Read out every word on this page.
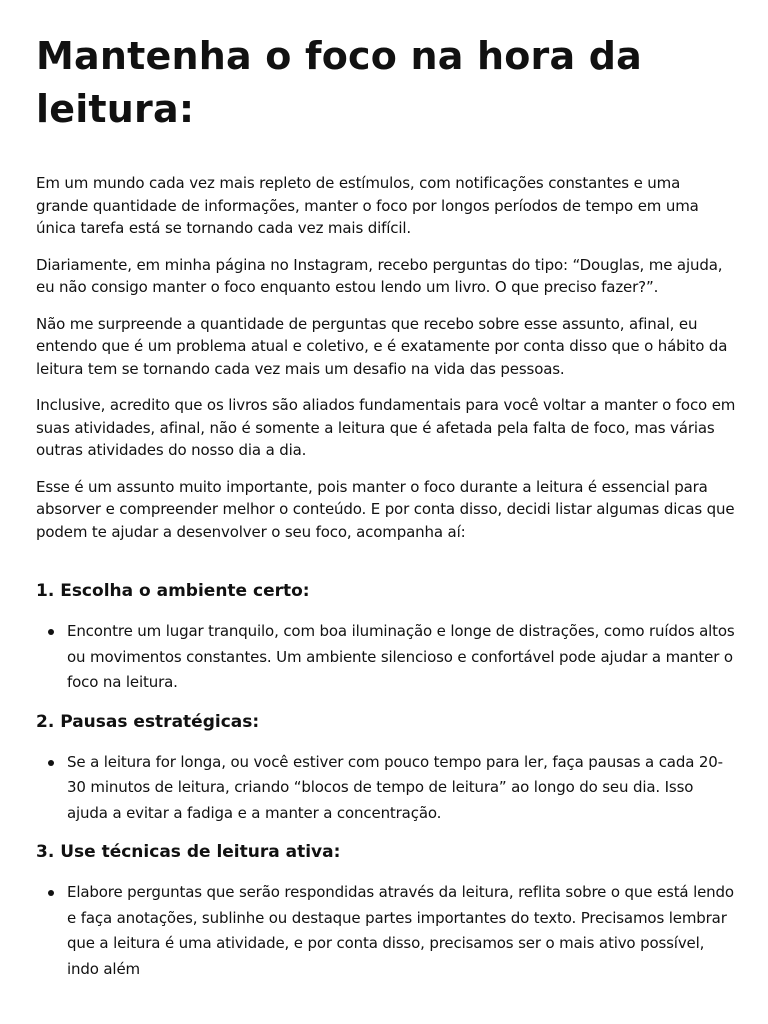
Mantenha o foco na hora da leitura:

Em um mundo cada vez mais repleto de estímulos, com notificações constantes e uma grande quantidade de informações, manter o foco por longos períodos de tempo em uma única tarefa está se tornando cada vez mais difícil.

Diariamente, em minha página no Instagram, recebo perguntas do tipo: “Douglas, me ajuda, eu não consigo manter o foco enquanto estou lendo um livro. O que preciso fazer?”.

Não me surpreende a quantidade de perguntas que recebo sobre esse assunto, afinal, eu entendo que é um problema atual e coletivo, e é exatamente por conta disso que o hábito da leitura tem se tornando cada vez mais um desafio na vida das pessoas.

Inclusive, acredito que os livros são aliados fundamentais para você voltar a manter o foco em suas atividades, afinal, não é somente a leitura que é afetada pela falta de foco, mas várias outras atividades do nosso dia a dia.

Esse é um assunto muito importante, pois manter o foco durante a leitura é essencial para absorver e compreender melhor o conteúdo. E por conta disso, decidi listar algumas dicas que podem te ajudar a desenvolver o seu foco, acompanha aí:

1. Escolha o ambiente certo:
Encontre um lugar tranquilo, com boa iluminação e longe de distrações, como ruídos altos ou movimentos constantes. Um ambiente silencioso e confortável pode ajudar a manter o foco na leitura.
2. Pausas estratégicas:
Se a leitura for longa, ou você estiver com pouco tempo para ler, faça pausas a cada 20-30 minutos de leitura, criando “blocos de tempo de leitura” ao longo do seu dia. Isso ajuda a evitar a fadiga e a manter a concentração.
3. Use técnicas de leitura ativa:
Elabore perguntas que serão respondidas através da leitura, reflita sobre o que está lendo e faça anotações, sublinhe ou destaque partes importantes do texto. Precisamos lembrar que a leitura é uma atividade, e por conta disso, precisamos ser o mais ativo possível, indo além
